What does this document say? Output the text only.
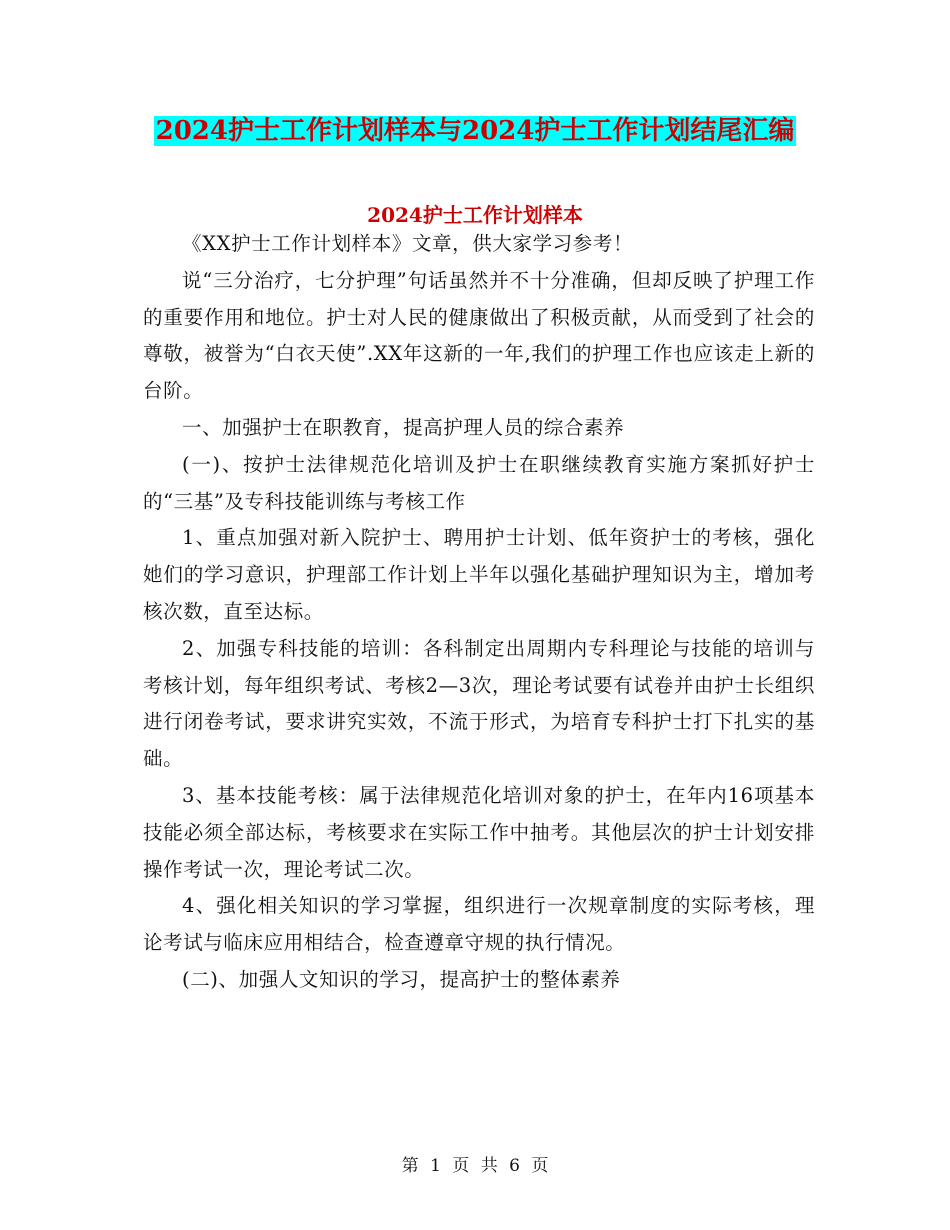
2024护士工作计划样本与2024护士工作计划结尾汇编
2024护士工作计划样本

《XX护士工作计划样本》文章，供大家学习参考！

说“三分治疗，七分护理”句话虽然并不十分准确，但却反映了护理工作的重要作用和地位。护士对人民的健康做出了积极贡献，从而受到了社会的尊敬，被誉为“白衣天使”.XX年这新的一年,我们的护理工作也应该走上新的台阶。

一、加强护士在职教育，提高护理人员的综合素养

(一)、按护士法律规范化培训及护士在职继续教育实施方案抓好护士的“三基”及专科技能训练与考核工作

1、重点加强对新入院护士、聘用护士计划、低年资护士的考核，强化她们的学习意识，护理部工作计划上半年以强化基础护理知识为主，增加考核次数，直至达标。

2、加强专科技能的培训：各科制定出周期内专科理论与技能的培训与考核计划，每年组织考试、考核2—3次，理论考试要有试卷并由护士长组织进行闭卷考试，要求讲究实效，不流于形式，为培育专科护士打下扎实的基础。

3、基本技能考核：属于法律规范化培训对象的护士，在年内16项基本技能必须全部达标，考核要求在实际工作中抽考。其他层次的护士计划安排操作考试一次，理论考试二次。

4、强化相关知识的学习掌握，组织进行一次规章制度的实际考核，理论考试与临床应用相结合，检查遵章守规的执行情况。

(二)、加强人文知识的学习，提高护士的整体素养

第 1 页 共 6 页
